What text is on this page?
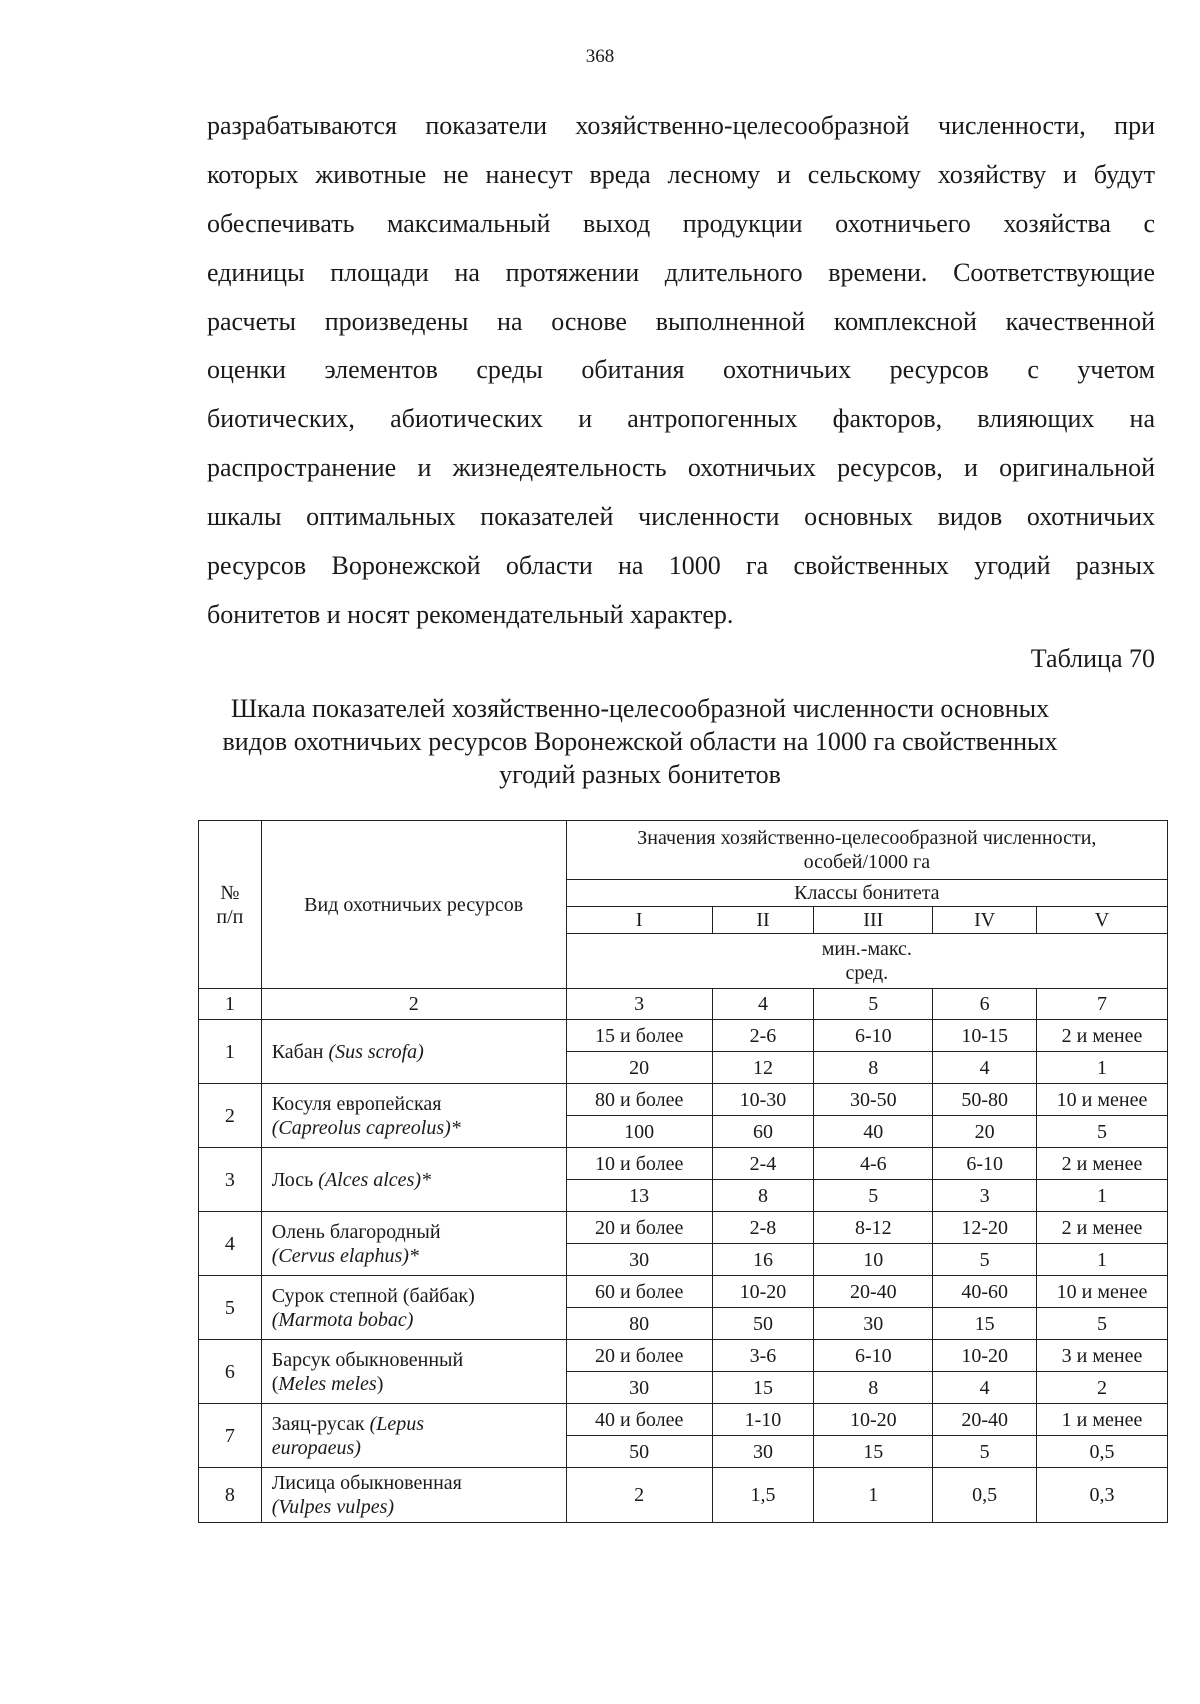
368
разрабатываются показатели хозяйственно-целесообразной численности, при
которых животные не нанесут вреда лесному и сельскому хозяйству и будут
обеспечивать максимальный выход продукции охотничьего хозяйства с
единицы площади на протяжении длительного времени. Соответствующие
расчеты произведены на основе выполненной комплексной качественной
оценки элементов среды обитания охотничьих ресурсов с учетом
биотических, абиотических и антропогенных факторов, влияющих на
распространение и жизнедеятельность охотничьих ресурсов, и оригинальной
шкалы оптимальных показателей численности основных видов охотничьих
ресурсов Воронежской области на 1000 га свойственных угодий разных
бонитетов и носят рекомендательный характер.
Таблица 70
Шкала показателей хозяйственно-целесообразной численности основных
видов охотничьих ресурсов Воронежской области на 1000 га свойственных
угодий разных бонитетов
№
п/п	Вид охотничьих ресурсов	Значения хозяйственно-целесообразной численности,
особей/1000 га				
		Классы бонитета				
		I	II	III	IV	V
		мин.-макс.
сред.				
1	2	3	4	5	6	7
1	Кабан (Sus scrofa)	15 и более	2-6	6-10	10-15	2 и менее
		20	12	8	4	1
2	Косуля европейская
(Capreolus capreolus)*	80 и более	10-30	30-50	50-80	10 и менее
		100	60	40	20	5
3	Лось (Alces alces)*	10 и более	2-4	4-6	6-10	2 и менее
		13	8	5	3	1
4	Олень благородный
(Cervus elaphus)*	20 и более	2-8	8-12	12-20	2 и менее
		30	16	10	5	1
5	Сурок степной (байбак)
(Marmota bobac)	60 и более	10-20	20-40	40-60	10 и менее
		80	50	30	15	5
6	Барсук обыкновенный
(Meles meles)	20 и более	3-6	6-10	10-20	3 и менее
		30	15	8	4	2
7	Заяц-русак (Lepus
europaeus)	40 и более	1-10	10-20	20-40	1 и менее
		50	30	15	5	0,5
8	Лисица обыкновенная
(Vulpes vulpes)	2	1,5	1	0,5	0,3
